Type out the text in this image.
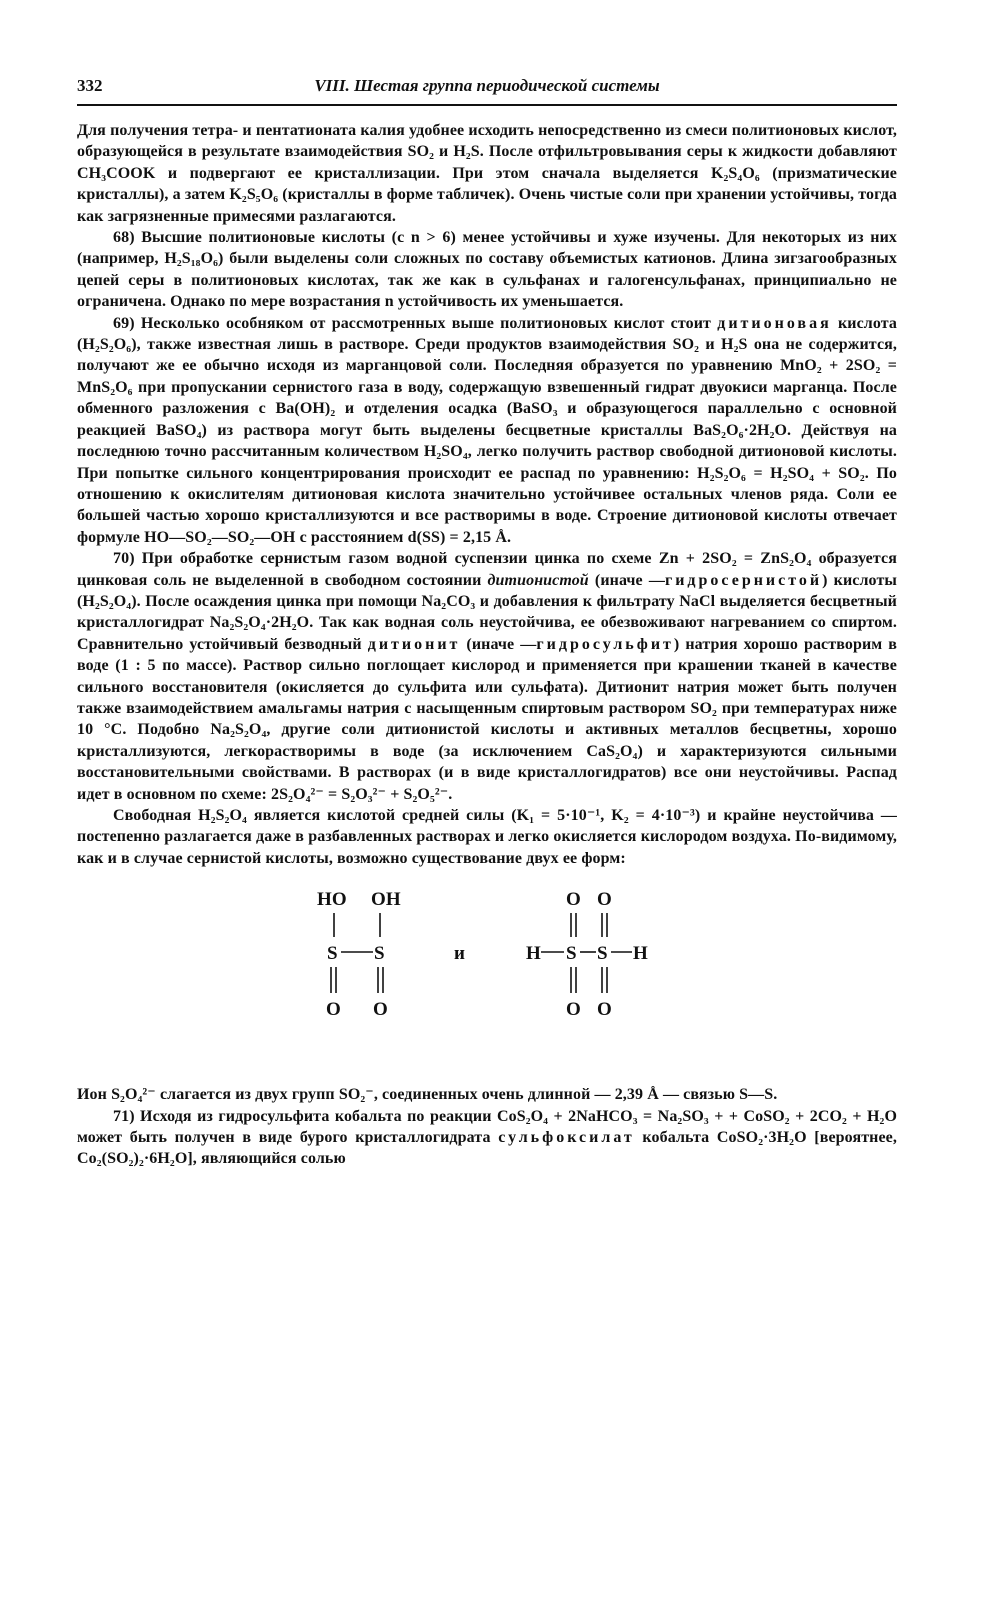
332	VIII. Шестая группа периодической системы

Для получения тетра- и пентатионата калия удобнее исходить непосредственно из смеси политионовых кислот, образующейся в результате взаимодействия SO₂ и H₂S. После отфильтровывания серы к жидкости добавляют CH₃COOK и подвергают ее кристаллизации. При этом сначала выделяется K₂S₄O₆ (призматические кристаллы), а затем K₂S₅O₆ (кристаллы в форме табличек). Очень чистые соли при хранении устойчивы, тогда как загрязненные примесями разлагаются.

68) Высшие политионовые кислоты (с n > 6) менее устойчивы и хуже изучены. Для некоторых из них (например, H₂S₁₈O₆) были выделены соли сложных по составу объемистых катионов. Длина зигзагообразных цепей серы в политионовых кислотах, так же как в сульфанах и галогенсульфанах, принципиально не ограничена. Однако по мере возрастания n устойчивость их уменьшается.

69) Несколько особняком от рассмотренных выше политионовых кислот стоит дитионовая кислота (H₂S₂O₆), также известная лишь в растворе. Среди продуктов взаимодействия SO₂ и H₂S она не содержится, получают же ее обычно исходя из марганцовой соли. Последняя образуется по уравнению MnO₂ + 2SO₂ = MnS₂O₆ при пропускании сернистого газа в воду, содержащую взвешенный гидрат двуокиси марганца. После обменного разложения с Ba(OH)₂ и отделения осадка (BaSO₃ и образующегося параллельно с основной реакцией BaSO₄) из раствора могут быть выделены бесцветные кристаллы BaS₂O₆·2H₂O. Действуя на последнюю точно рассчитанным количеством H₂SO₄, легко получить раствор свободной дитионовой кислоты. При попытке сильного концентрирования происходит ее распад по уравнению: H₂S₂O₆ = H₂SO₄ + SO₂. По отношению к окислителям дитионовая кислота значительно устойчивее остальных членов ряда. Соли ее большей частью хорошо кристаллизуются и все растворимы в воде. Строение дитионовой кислоты отвечает формуле HO—SO₂—SO₂—OH с расстоянием d(SS) = 2,15 Å.

70) При обработке сернистым газом водной суспензии цинка по схеме Zn + 2SO₂ = ZnS₂O₄ образуется цинковая соль не выделенной в свободном состоянии дитионистой (иначе —гидросернистой) кислоты (H₂S₂O₄). После осаждения цинка при помощи Na₂CO₃ и добавления к фильтрату NaCl выделяется бесцветный кристаллогидрат Na₂S₂O₄·2H₂O. Так как водная соль неустойчива, ее обезвоживают нагреванием со спиртом. Сравнительно устойчивый безводный дитионит (иначе —гидросульфит) натрия хорошо растворим в воде (1 : 5 по массе). Раствор сильно поглощает кислород и применяется при крашении тканей в качестве сильного восстановителя (окисляется до сульфита или сульфата). Дитионит натрия может быть получен также взаимодействием амальгамы натрия с насыщенным спиртовым раствором SO₂ при температурах ниже 10 °C. Подобно Na₂S₂O₄, другие соли дитионистой кислоты и активных металлов бесцветны, хорошо кристаллизуются, легкорастворимы в воде (за исключением CaS₂O₄) и характеризуются сильными восстановительными свойствами. В растворах (и в виде кристаллогидратов) все они неустойчивы. Распад идет в основном по схеме: 2S₂O₄²⁻ = S₂O₃²⁻ + S₂O₅²⁻.

Свободная H₂S₂O₄ является кислотой средней силы (K₁ = 5·10⁻¹, K₂ = 4·10⁻³) и крайне неустойчива — постепенно разлагается даже в разбавленных растворах и легко окисляется кислородом воздуха. По-видимому, как и в случае сернистой кислоты, возможно существование двух ее форм:

HO OH
S S
O O
и
O O
H S S H
O O

Ион S₂O₄²⁻ слагается из двух групп SO₂⁻, соединенных очень длинной — 2,39 Å — связью S—S.

71) Исходя из гидросульфита кобальта по реакции CoS₂O₄ + 2NaHCO₃ = Na₂SO₃ + + CoSO₂ + 2CO₂ + H₂O может быть получен в виде бурого кристаллогидрата сульфоксилат кобальта CoSO₂·3H₂O [вероятнее, Co₂(SO₂)₂·6H₂O], являющийся солью
